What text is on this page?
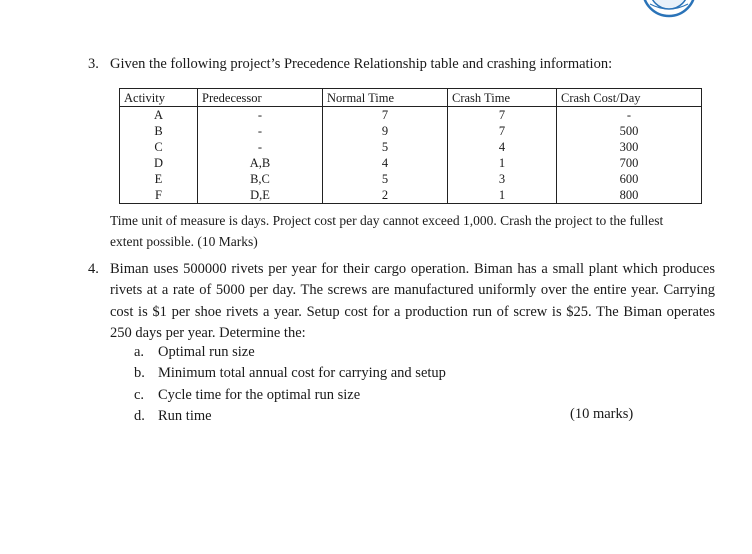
3. Given the following project’s Precedence Relationship table and crashing information:
Activity	Predecessor	Normal Time	Crash Time	Crash Cost/Day
A	-	7	7	-
B	-	9	7	500
C	-	5	4	300
D	A,B	4	1	700
E	B,C	5	3	600
F	D,E	2	1	800
Time unit of measure is days. Project cost per day cannot exceed 1,000. Crash the project to the fullest
extent possible. (10 Marks)
4. Biman uses 500000 rivets per year for their cargo operation. Biman has a small plant which produces rivets at a rate of 5000 per day. The screws are manufactured uniformly over the entire year. Carrying cost is $1 per shoe rivets a year. Setup cost for a production run of screw is $25. The Biman operates 250 days per year. Determine the:
a. Optimal run size
b. Minimum total annual cost for carrying and setup
c. Cycle time for the optimal run size
d. Run time	(10 marks)
